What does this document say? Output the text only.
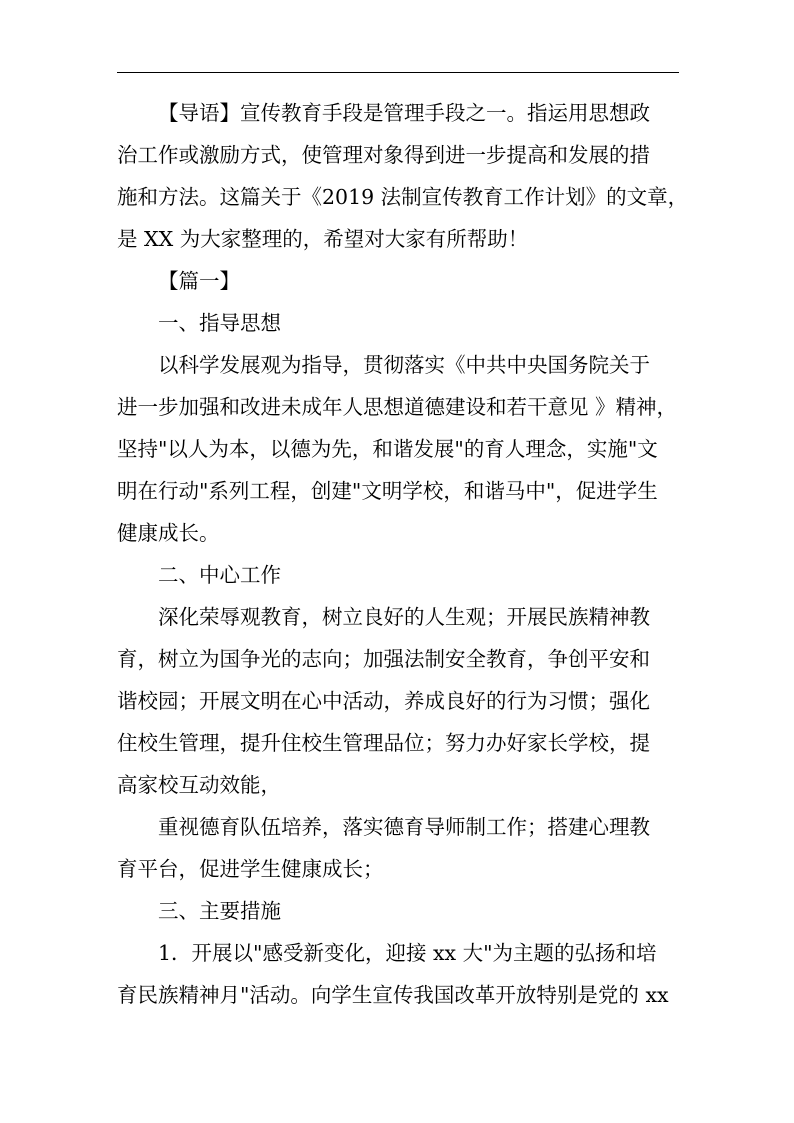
【导语】宣传教育手段是管理手段之一。指运用思想政
治工作或激励方式，使管理对象得到进一步提高和发展的措
施和方法。这篇关于《2019 法制宣传教育工作计划》的文章，
是 XX 为大家整理的，希望对大家有所帮助！
【篇一】
一、指导思想
以科学发展观为指导，贯彻落实《中共中央国务院关于
进一步加强和改进未成年人思想道德建设和若干意见 》精神，
坚持"以人为本，以德为先，和谐发展"的育人理念，实施"文
明在行动"系列工程，创建"文明学校，和谐马中"，促进学生
健康成长。
二、中心工作
深化荣辱观教育，树立良好的人生观；开展民族精神教
育，树立为国争光的志向；加强法制安全教育，争创平安和
谐校园；开展文明在心中活动，养成良好的行为习惯；强化
住校生管理，提升住校生管理品位；努力办好家长学校，提
高家校互动效能，
重视德育队伍培养，落实德育导师制工作；搭建心理教
育平台，促进学生健康成长；
三、主要措施
1．开展以"感受新变化，迎接 xx 大"为主题的弘扬和培
育民族精神月"活动。向学生宣传我国改革开放特别是党的 xx
